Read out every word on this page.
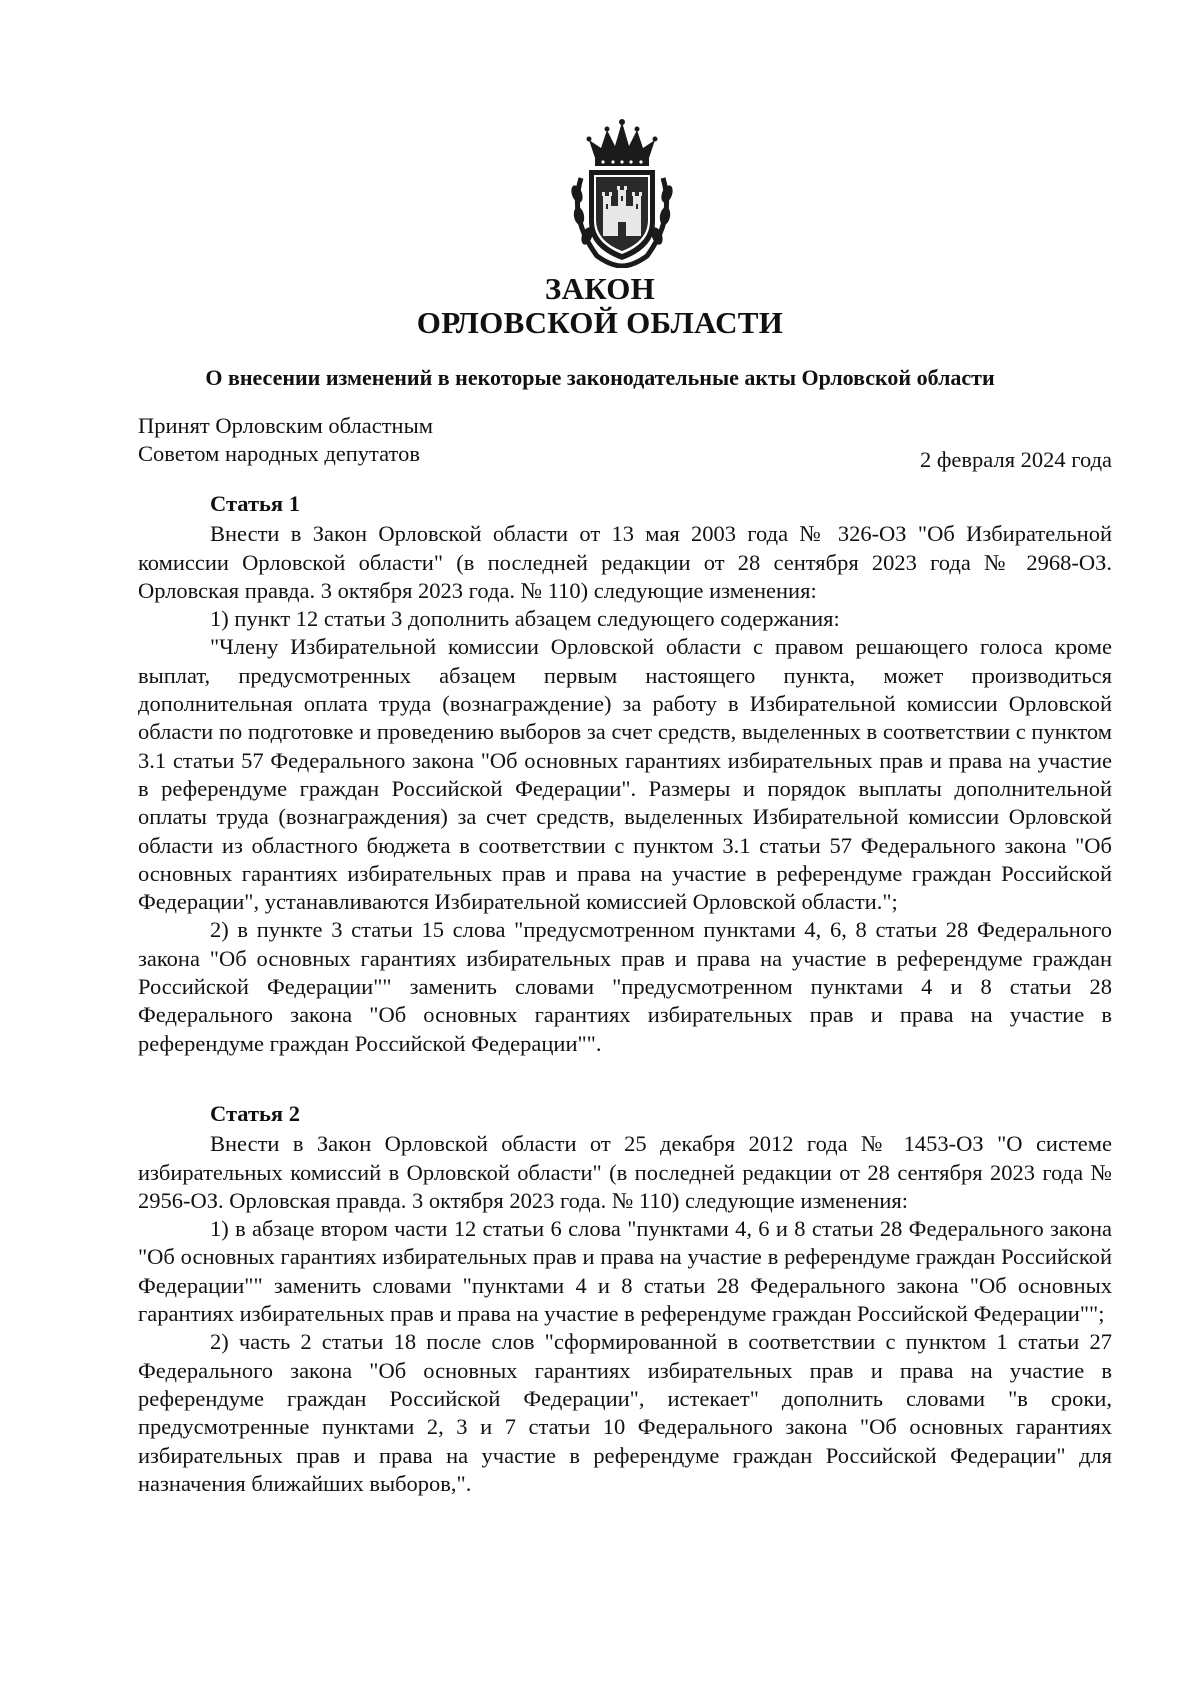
ЗАКОН
ОРЛОВСКОЙ ОБЛАСТИ
О внесении изменений в некоторые законодательные акты Орловской области
Принят Орловским областным
Советом народных депутатов	2 февраля 2024 года
Статья 1

Внести в Закон Орловской области от 13 мая 2003 года № 326-ОЗ "Об Избирательной комиссии Орловской области" (в последней редакции от 28 сентября 2023 года № 2968-ОЗ. Орловская правда. 3 октября 2023 года. № 110) следующие изменения:

1) пункт 12 статьи 3 дополнить абзацем следующего содержания:

"Члену Избирательной комиссии Орловской области с правом решающего голоса кроме выплат, предусмотренных абзацем первым настоящего пункта, может производиться дополнительная оплата труда (вознаграждение) за работу в Избирательной комиссии Орловской области по подготовке и проведению выборов за счет средств, выделенных в соответствии с пунктом 3.1 статьи 57 Федерального закона "Об основных гарантиях избирательных прав и права на участие в референдуме граждан Российской Федерации". Размеры и порядок выплаты дополнительной оплаты труда (вознаграждения) за счет средств, выделенных Избирательной комиссии Орловской области из областного бюджета в соответствии с пунктом 3.1 статьи 57 Федерального закона "Об основных гарантиях избирательных прав и права на участие в референдуме граждан Российской Федерации", устанавливаются Избирательной комиссией Орловской области.";

2) в пункте 3 статьи 15 слова "предусмотренном пунктами 4, 6, 8 статьи 28 Федерального закона "Об основных гарантиях избирательных прав и права на участие в референдуме граждан Российской Федерации"" заменить словами "предусмотренном пунктами 4 и 8 статьи 28 Федерального закона "Об основных гарантиях избирательных прав и права на участие в референдуме граждан Российской Федерации"".

Статья 2

Внести в Закон Орловской области от 25 декабря 2012 года № 1453-ОЗ "О системе избирательных комиссий в Орловской области" (в последней редакции от 28 сентября 2023 года № 2956-ОЗ. Орловская правда. 3 октября 2023 года. № 110) следующие изменения:

1) в абзаце втором части 12 статьи 6 слова "пунктами 4, 6 и 8 статьи 28 Федерального закона "Об основных гарантиях избирательных прав и права на участие в референдуме граждан Российской Федерации"" заменить словами "пунктами 4 и 8 статьи 28 Федерального закона "Об основных гарантиях избирательных прав и права на участие в референдуме граждан Российской Федерации"";

2) часть 2 статьи 18 после слов "сформированной в соответствии с пунктом 1 статьи 27 Федерального закона "Об основных гарантиях избирательных прав и права на участие в референдуме граждан Российской Федерации", истекает" дополнить словами "в сроки, предусмотренные пунктами 2, 3 и 7 статьи 10 Федерального закона "Об основных гарантиях избирательных прав и права на участие в референдуме граждан Российской Федерации" для назначения ближайших выборов,".
